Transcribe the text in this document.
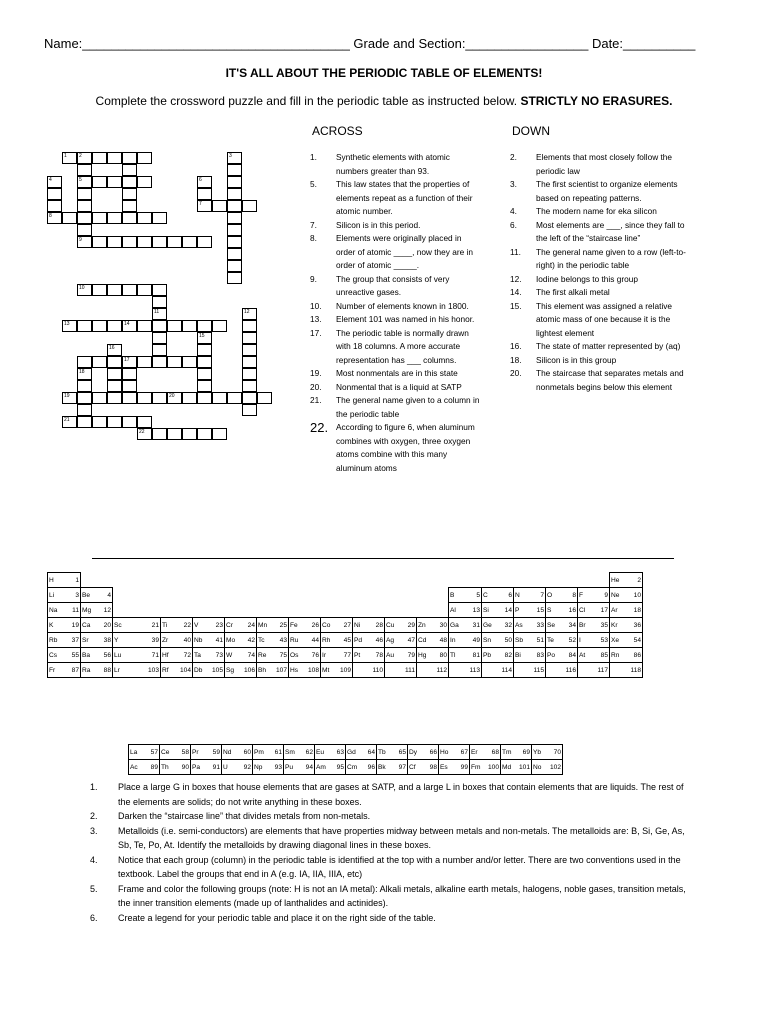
Name:_____________________________________ Grade and Section:_________________ Date:__________
IT'S ALL ABOUT THE PERIODIC TABLE OF ELEMENTS!
Complete the crossword puzzle and fill in the periodic table as instructed below. STRICTLY NO ERASURES.
1 2
5
9
3
4
8
6
7
10
11	12
13	14
15
16
17
18
19	20
21
22
ACROSS	DOWN
1.	Synthetic elements with atomic numbers greater than 93.
5.	This law states that the properties of elements repeat as a function of their atomic number.
7.	Silicon is in this period.
8.	Elements were originally placed in order of atomic ____, now they are in order of atomic _____.
9.	The group that consists of very unreactive gases.
10.	Number of elements known in 1800.
13.	Element 101 was named in his honor.
17.	The periodic table is normally drawn with 18 columns. A more accurate representation has ___ columns.
19.	Most nonmentals are in this state
20.	Nonmental that is a liquid at SATP
21.	The general name given to a column in the periodic table
22. According to figure 6, when aluminum combines with oxygen, three oxygen atoms combine with this many aluminum atoms
2.	Elements that most closely follow the periodic law
3.	The first scientist to organize elements based on repeating patterns.
4.	The modern name for eka silicon
6.	Most elements are ___, since they fall to the left of the “staircase line”
11.	The general name given to a row (left-to-right) in the periodic table
12.	Iodine belongs to this group
14.	The first alkali metal
15.	This element was assigned a relative atomic mass of one because it is the lightest element
16.	The state of matter represented by (aq)
18.	Silicon is in this group
20.	The staircase that separates metals and nonmetals begins below this element
H 1																	He 2

Li 3	Be 4											B 5	C 6	N 7	O 8	F 9	Ne 10

Na 11	Mg 12											Al 13	Si 14	P 15	S 16	Cl 17	Ar 18

K 19	Ca 20	Sc 21	Ti 22	V 23	Cr 24	Mn 25	Fe 26	Co 27	Ni 28	Cu 29	Zn 30	Ga 31	Ge 32	As 33	Se 34	Br 35	Kr 36

Rb 37	Sr 38	Y 39	Zr 40	Nb 41	Mo 42	Tc 43	Ru 44	Rh 45	Pd 46	Ag 47	Cd 48	In 49	Sn 50	Sb 51	Te 52	I 53	Xe 54

Cs 55	Ba 56	Lu 71	Hf 72	Ta 73	W 74	Re 75	Os 76	Ir 77	Pt 78	Au 79	Hg 80	Tl 81	Pb 82	Bi 83	Po 84	At 85	Rn 86

Fr 87	Ra 88	Lr 103	Rf 104	Db 105	Sg 106	Bh 107	Hs 108	Mt 109	110	111	112	113	114	115	116	117	118
La 57	Ce 58	Pr 59	Nd 60	Pm 61	Sm 62	Eu 63	Gd 64	Tb 65	Dy 66	Ho 67	Er 68	Tm 69	Yb 70

Ac 89	Th 90	Pa 91	U 92	Np 93	Pu 94	Am 95	Cm 96	Bk 97	Cf 98	Es 99	Fm 100	Md 101	No 102
1.	Place a large G in boxes that house elements that are gases at SATP, and a large L in boxes that contain elements that are liquids. The rest of the elements are solids; do not write anything in these boxes.
2.	Darken the “staircase line” that divides metals from non-metals.
3.	Metalloids (i.e. semi-conductors) are elements that have properties midway between metals and non-metals. The metalloids are: B, Si, Ge, As, Sb, Te, Po, At. Identify the metalloids by drawing diagonal lines in these boxes.
4.	Notice that each group (column) in the periodic table is identified at the top with a number and/or letter. There are two conventions used in the textbook. Label the groups that end in A (e.g. IA, IIA, IIIA, etc)
5.	Frame and color the following groups (note: H is not an IA metal): Alkali metals, alkaline earth metals, halogens, noble gases, transition metals, the inner transition elements (made up of lanthalides and actinides).
6.	Create a legend for your periodic table and place it on the right side of the table.
